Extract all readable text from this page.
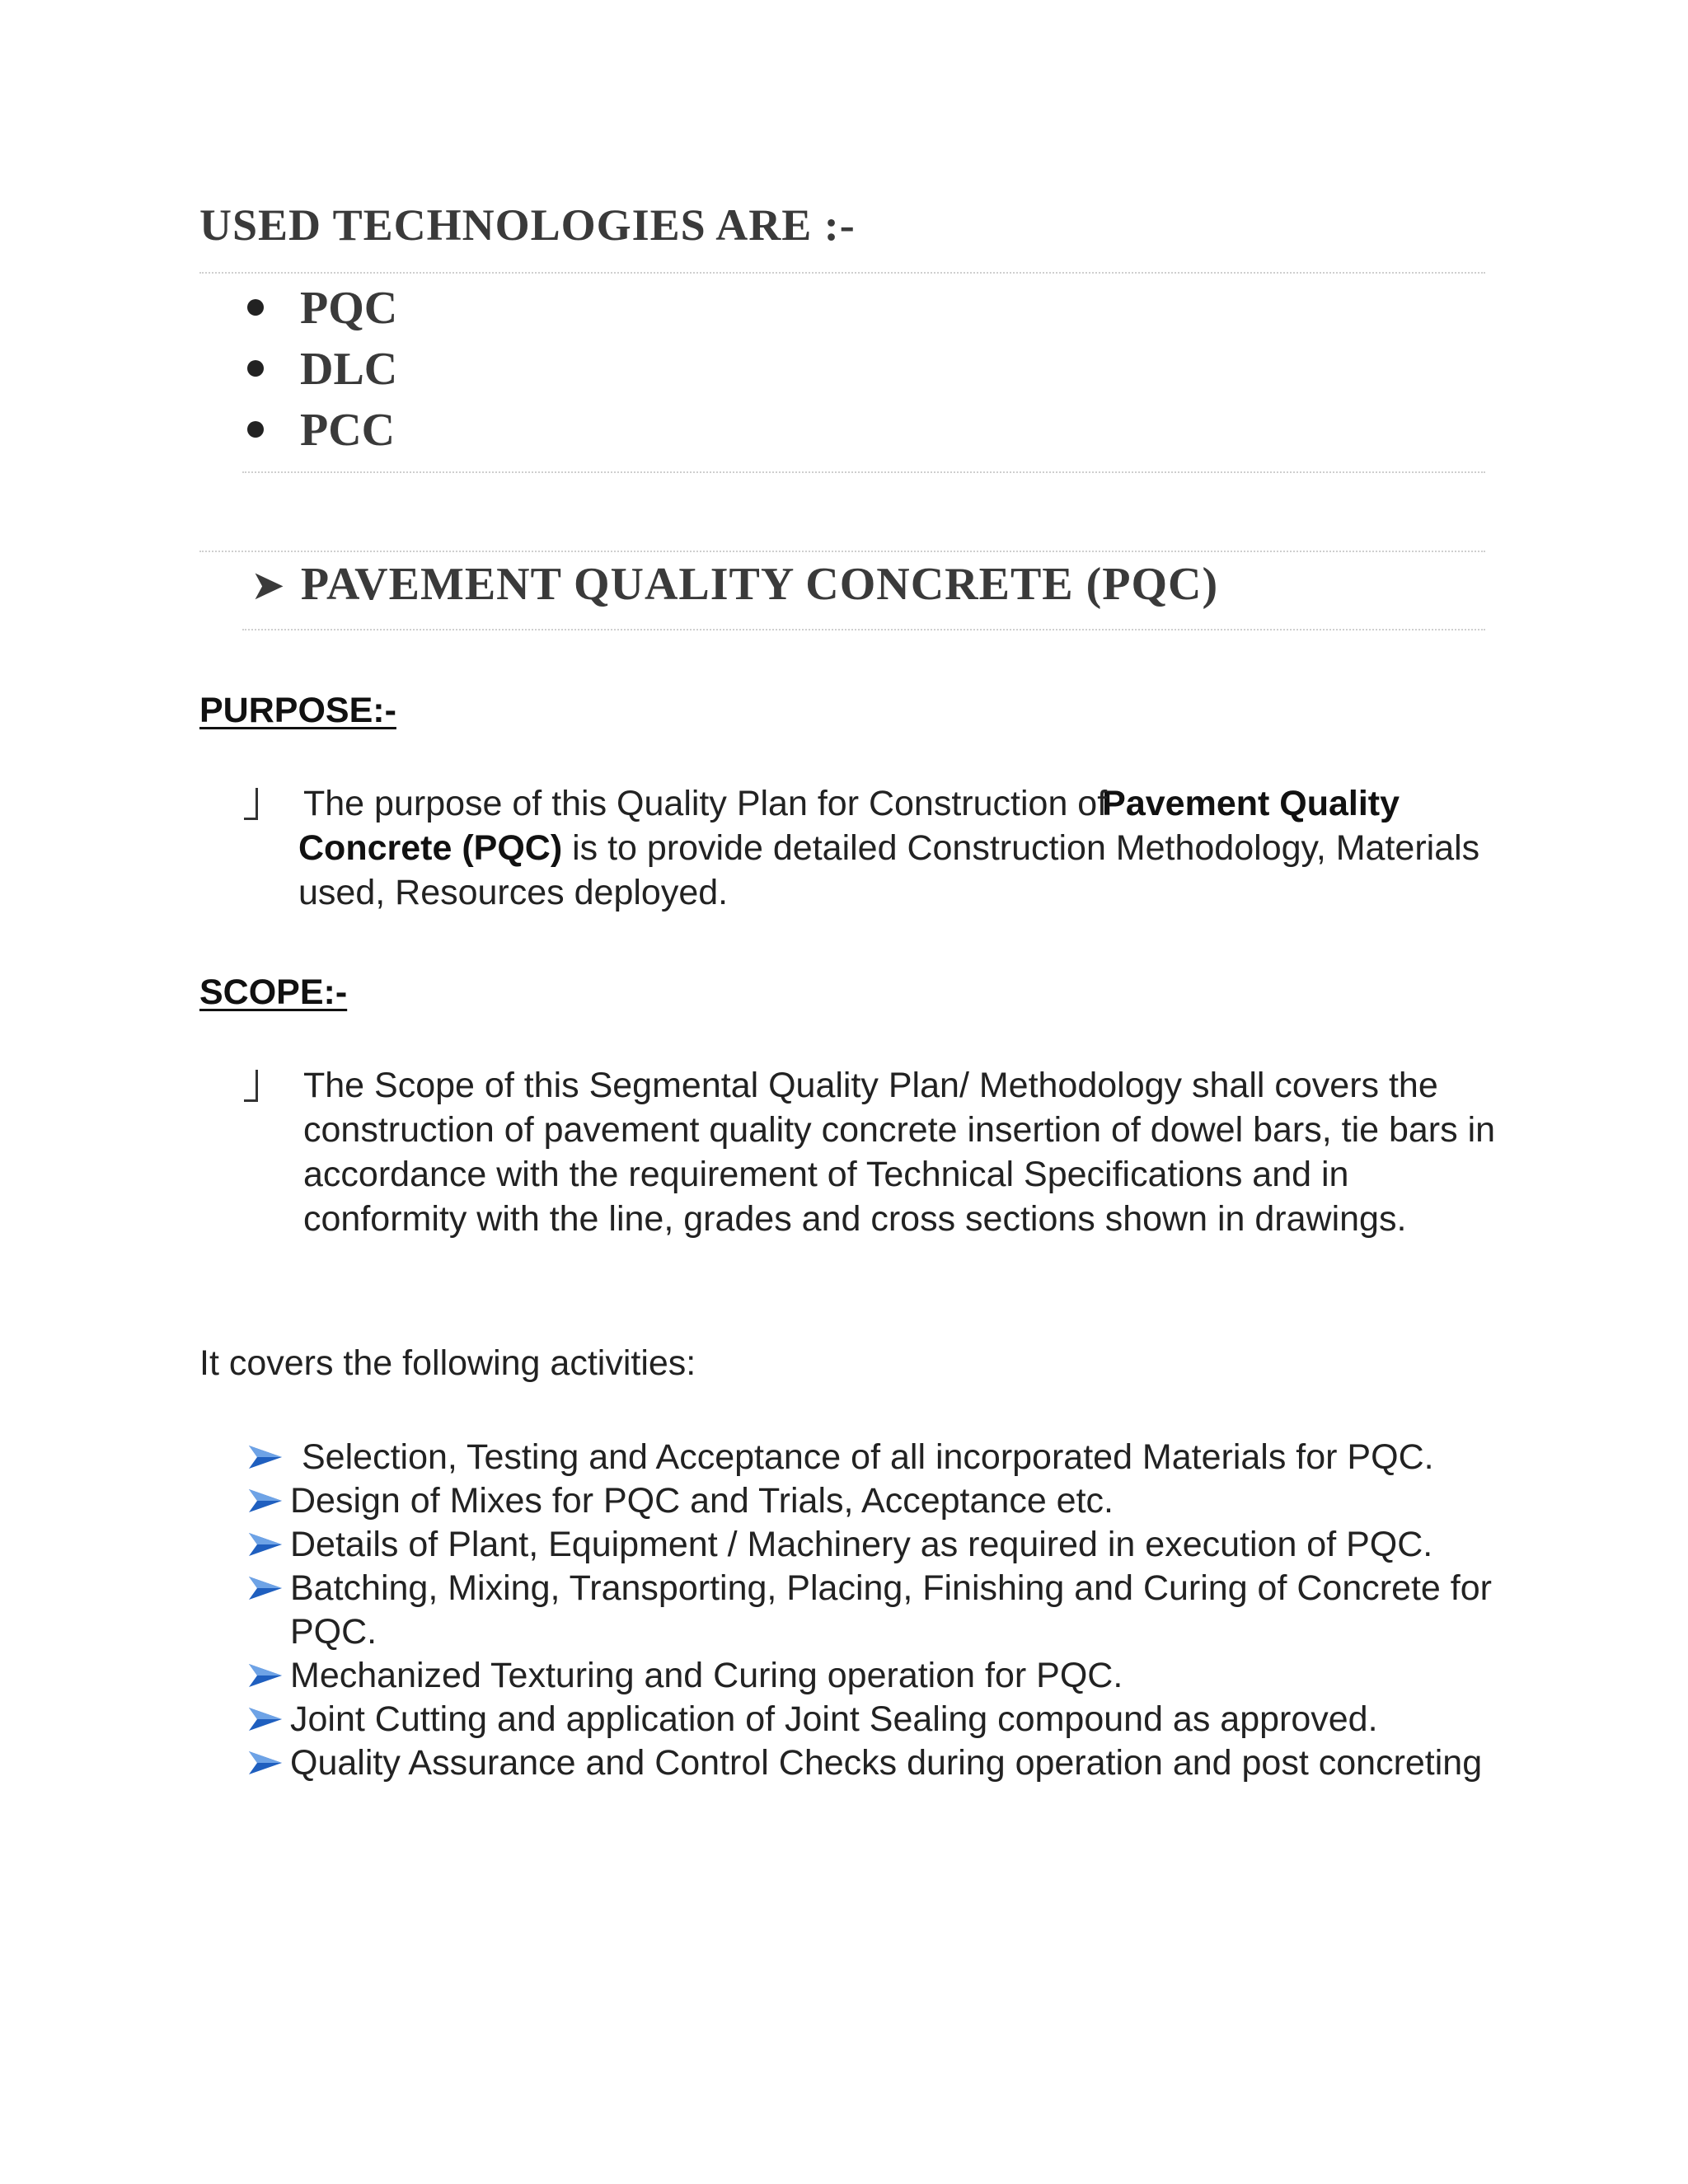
USED TECHNOLOGIES ARE :-
PQC
DLC
PCC
➤ PAVEMENT QUALITY CONCRETE (PQC)
PURPOSE:-
The purpose of this Quality Plan for Construction ofPavement Quality Concrete (PQC) is to provide detailed Construction Methodology, Materials used, Resources deployed.
SCOPE:-
The Scope of this Segmental Quality Plan/ Methodology shall covers the construction of pavement quality concrete insertion of dowel bars, tie bars in accordance with the requirement of Technical Specifications and in conformity with the line, grades and cross sections shown in drawings.
It covers the following activities:
Selection, Testing and Acceptance of all incorporated Materials for PQC.
Design of Mixes for PQC and Trials, Acceptance etc.
Details of Plant, Equipment / Machinery as required in execution of PQC.
Batching, Mixing, Transporting, Placing, Finishing and Curing of Concrete for PQC.
Mechanized Texturing and Curing operation for PQC.
Joint Cutting and application of Joint Sealing compound as approved.
Quality Assurance and Control Checks during operation and post concreting
